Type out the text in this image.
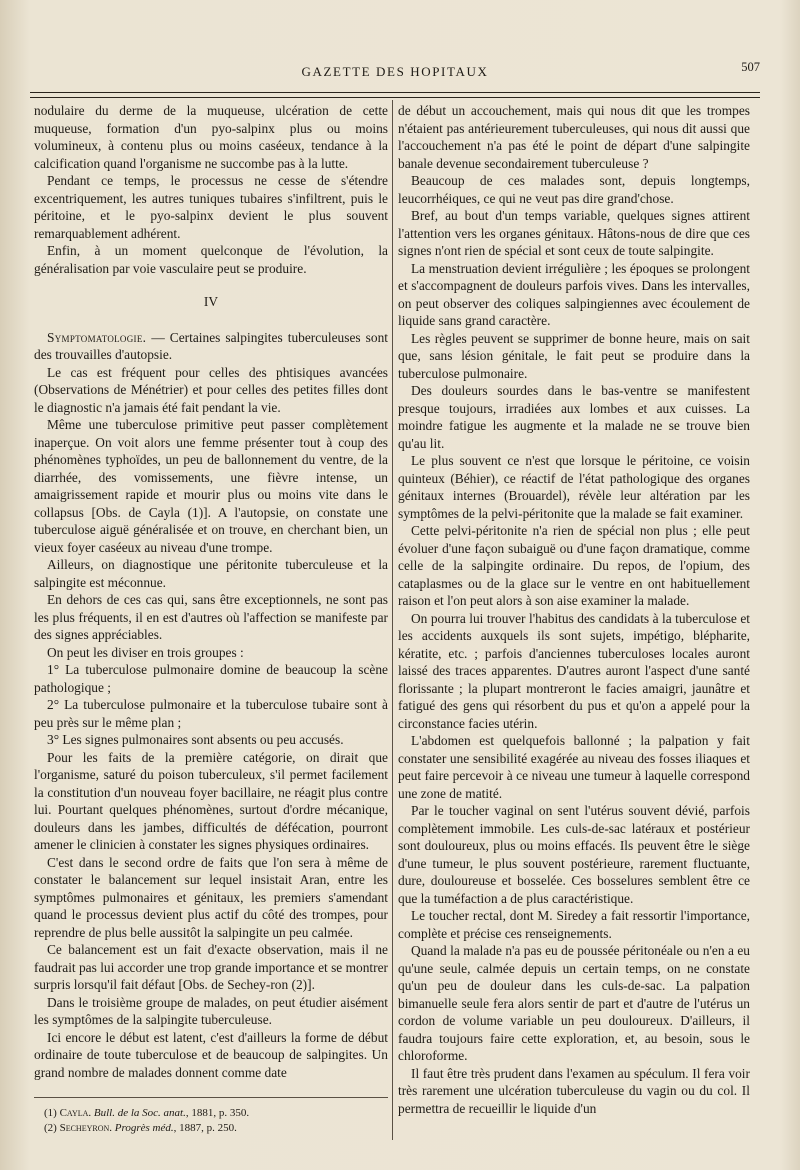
GAZETTE DES HOPITAUX	507

nodulaire du derme de la muqueuse, ulcération de cette muqueuse, formation d'un pyo-salpinx plus ou moins volumineux, à contenu plus ou moins caséeux, tendance à la calcification quand l'organisme ne succombe pas à la lutte.

Pendant ce temps, le processus ne cesse de s'étendre excentriquement, les autres tuniques tubaires s'infiltrent, puis le péritoine, et le pyo-salpinx devient le plus souvent remarquablement adhérent.

Enfin, à un moment quelconque de l'évolution, la généralisation par voie vasculaire peut se produire.

IV

Symptomatologie. — Certaines salpingites tuberculeuses sont des trouvailles d'autopsie.

Le cas est fréquent pour celles des phtisiques avancées (Observations de Ménétrier) et pour celles des petites filles dont le diagnostic n'a jamais été fait pendant la vie.

Même une tuberculose primitive peut passer complètement inaperçue. On voit alors une femme présenter tout à coup des phénomènes typhoïdes, un peu de ballonnement du ventre, de la diarrhée, des vomissements, une fièvre intense, un amaigrissement rapide et mourir plus ou moins vite dans le collapsus [Obs. de Cayla (1)]. A l'autopsie, on constate une tuberculose aiguë généralisée et on trouve, en cherchant bien, un vieux foyer caséeux au niveau d'une trompe.

Ailleurs, on diagnostique une péritonite tuberculeuse et la salpingite est méconnue.

En dehors de ces cas qui, sans être exceptionnels, ne sont pas les plus fréquents, il en est d'autres où l'affection se manifeste par des signes appréciables.

On peut les diviser en trois groupes :

1° La tuberculose pulmonaire domine de beaucoup la scène pathologique ;

2° La tuberculose pulmonaire et la tuberculose tubaire sont à peu près sur le même plan ;

3° Les signes pulmonaires sont absents ou peu accusés.

Pour les faits de la première catégorie, on dirait que l'organisme, saturé du poison tuberculeux, s'il permet facilement la constitution d'un nouveau foyer bacillaire, ne réagit plus contre lui. Pourtant quelques phénomènes, surtout d'ordre mécanique, douleurs dans les jambes, difficultés de défécation, pourront amener le clinicien à constater les signes physiques ordinaires.

C'est dans le second ordre de faits que l'on sera à même de constater le balancement sur lequel insistait Aran, entre les symptômes pulmonaires et génitaux, les premiers s'amendant quand le processus devient plus actif du côté des trompes, pour reprendre de plus belle aussitôt la salpingite un peu calmée.

Ce balancement est un fait d'exacte observation, mais il ne faudrait pas lui accorder une trop grande importance et se montrer surpris lorsqu'il fait défaut [Obs. de Sechey-ron (2)].

Dans le troisième groupe de malades, on peut étudier aisément les symptômes de la salpingite tuberculeuse.

Ici encore le début est latent, c'est d'ailleurs la forme de début ordinaire de toute tuberculose et de beaucoup de salpingites. Un grand nombre de malades donnent comme date

(1) Cayla. Bull. de la Soc. anat., 1881, p. 350.

(2) Secheyron. Progrès méd., 1887, p. 250.

de début un accouchement, mais qui nous dit que les trompes n'étaient pas antérieurement tuberculeuses, qui nous dit aussi que l'accouchement n'a pas été le point de départ d'une salpingite banale devenue secondairement tuberculeuse ?

Beaucoup de ces malades sont, depuis longtemps, leucorrhéiques, ce qui ne veut pas dire grand'chose.

Bref, au bout d'un temps variable, quelques signes attirent l'attention vers les organes génitaux. Hâtons-nous de dire que ces signes n'ont rien de spécial et sont ceux de toute salpingite.

La menstruation devient irrégulière ; les époques se prolongent et s'accompagnent de douleurs parfois vives. Dans les intervalles, on peut observer des coliques salpingiennes avec écoulement de liquide sans grand caractère.

Les règles peuvent se supprimer de bonne heure, mais on sait que, sans lésion génitale, le fait peut se produire dans la tuberculose pulmonaire.

Des douleurs sourdes dans le bas-ventre se manifestent presque toujours, irradiées aux lombes et aux cuisses. La moindre fatigue les augmente et la malade ne se trouve bien qu'au lit.

Le plus souvent ce n'est que lorsque le péritoine, ce voisin quinteux (Béhier), ce réactif de l'état pathologique des organes génitaux internes (Brouardel), révèle leur altération par les symptômes de la pelvi-péritonite que la malade se fait examiner.

Cette pelvi-péritonite n'a rien de spécial non plus ; elle peut évoluer d'une façon subaiguë ou d'une façon dramatique, comme celle de la salpingite ordinaire. Du repos, de l'opium, des cataplasmes ou de la glace sur le ventre en ont habituellement raison et l'on peut alors à son aise examiner la malade.

On pourra lui trouver l'habitus des candidats à la tuberculose et les accidents auxquels ils sont sujets, impétigo, blépharite, kératite, etc. ; parfois d'anciennes tuberculoses locales auront laissé des traces apparentes. D'autres auront l'aspect d'une santé florissante ; la plupart montreront le facies amaigri, jaunâtre et fatigué des gens qui résorbent du pus et qu'on a appelé pour la circonstance facies utérin.

L'abdomen est quelquefois ballonné ; la palpation y fait constater une sensibilité exagérée au niveau des fosses iliaques et peut faire percevoir à ce niveau une tumeur à laquelle correspond une zone de matité.

Par le toucher vaginal on sent l'utérus souvent dévié, parfois complètement immobile. Les culs-de-sac latéraux et postérieur sont douloureux, plus ou moins effacés. Ils peuvent être le siège d'une tumeur, le plus souvent postérieure, rarement fluctuante, dure, douloureuse et bosselée. Ces bosselures semblent être ce que la tuméfaction a de plus caractéristique.

Le toucher rectal, dont M. Siredey a fait ressortir l'importance, complète et précise ces renseignements.

Quand la malade n'a pas eu de poussée péritonéale ou n'en a eu qu'une seule, calmée depuis un certain temps, on ne constate qu'un peu de douleur dans les culs-de-sac. La palpation bimanuelle seule fera alors sentir de part et d'autre de l'utérus un cordon de volume variable un peu douloureux. D'ailleurs, il faudra toujours faire cette exploration, et, au besoin, sous le chloroforme.

Il faut être très prudent dans l'examen au spéculum. Il fera voir très rarement une ulcération tuberculeuse du vagin ou du col. Il permettra de recueillir le liquide d'un
